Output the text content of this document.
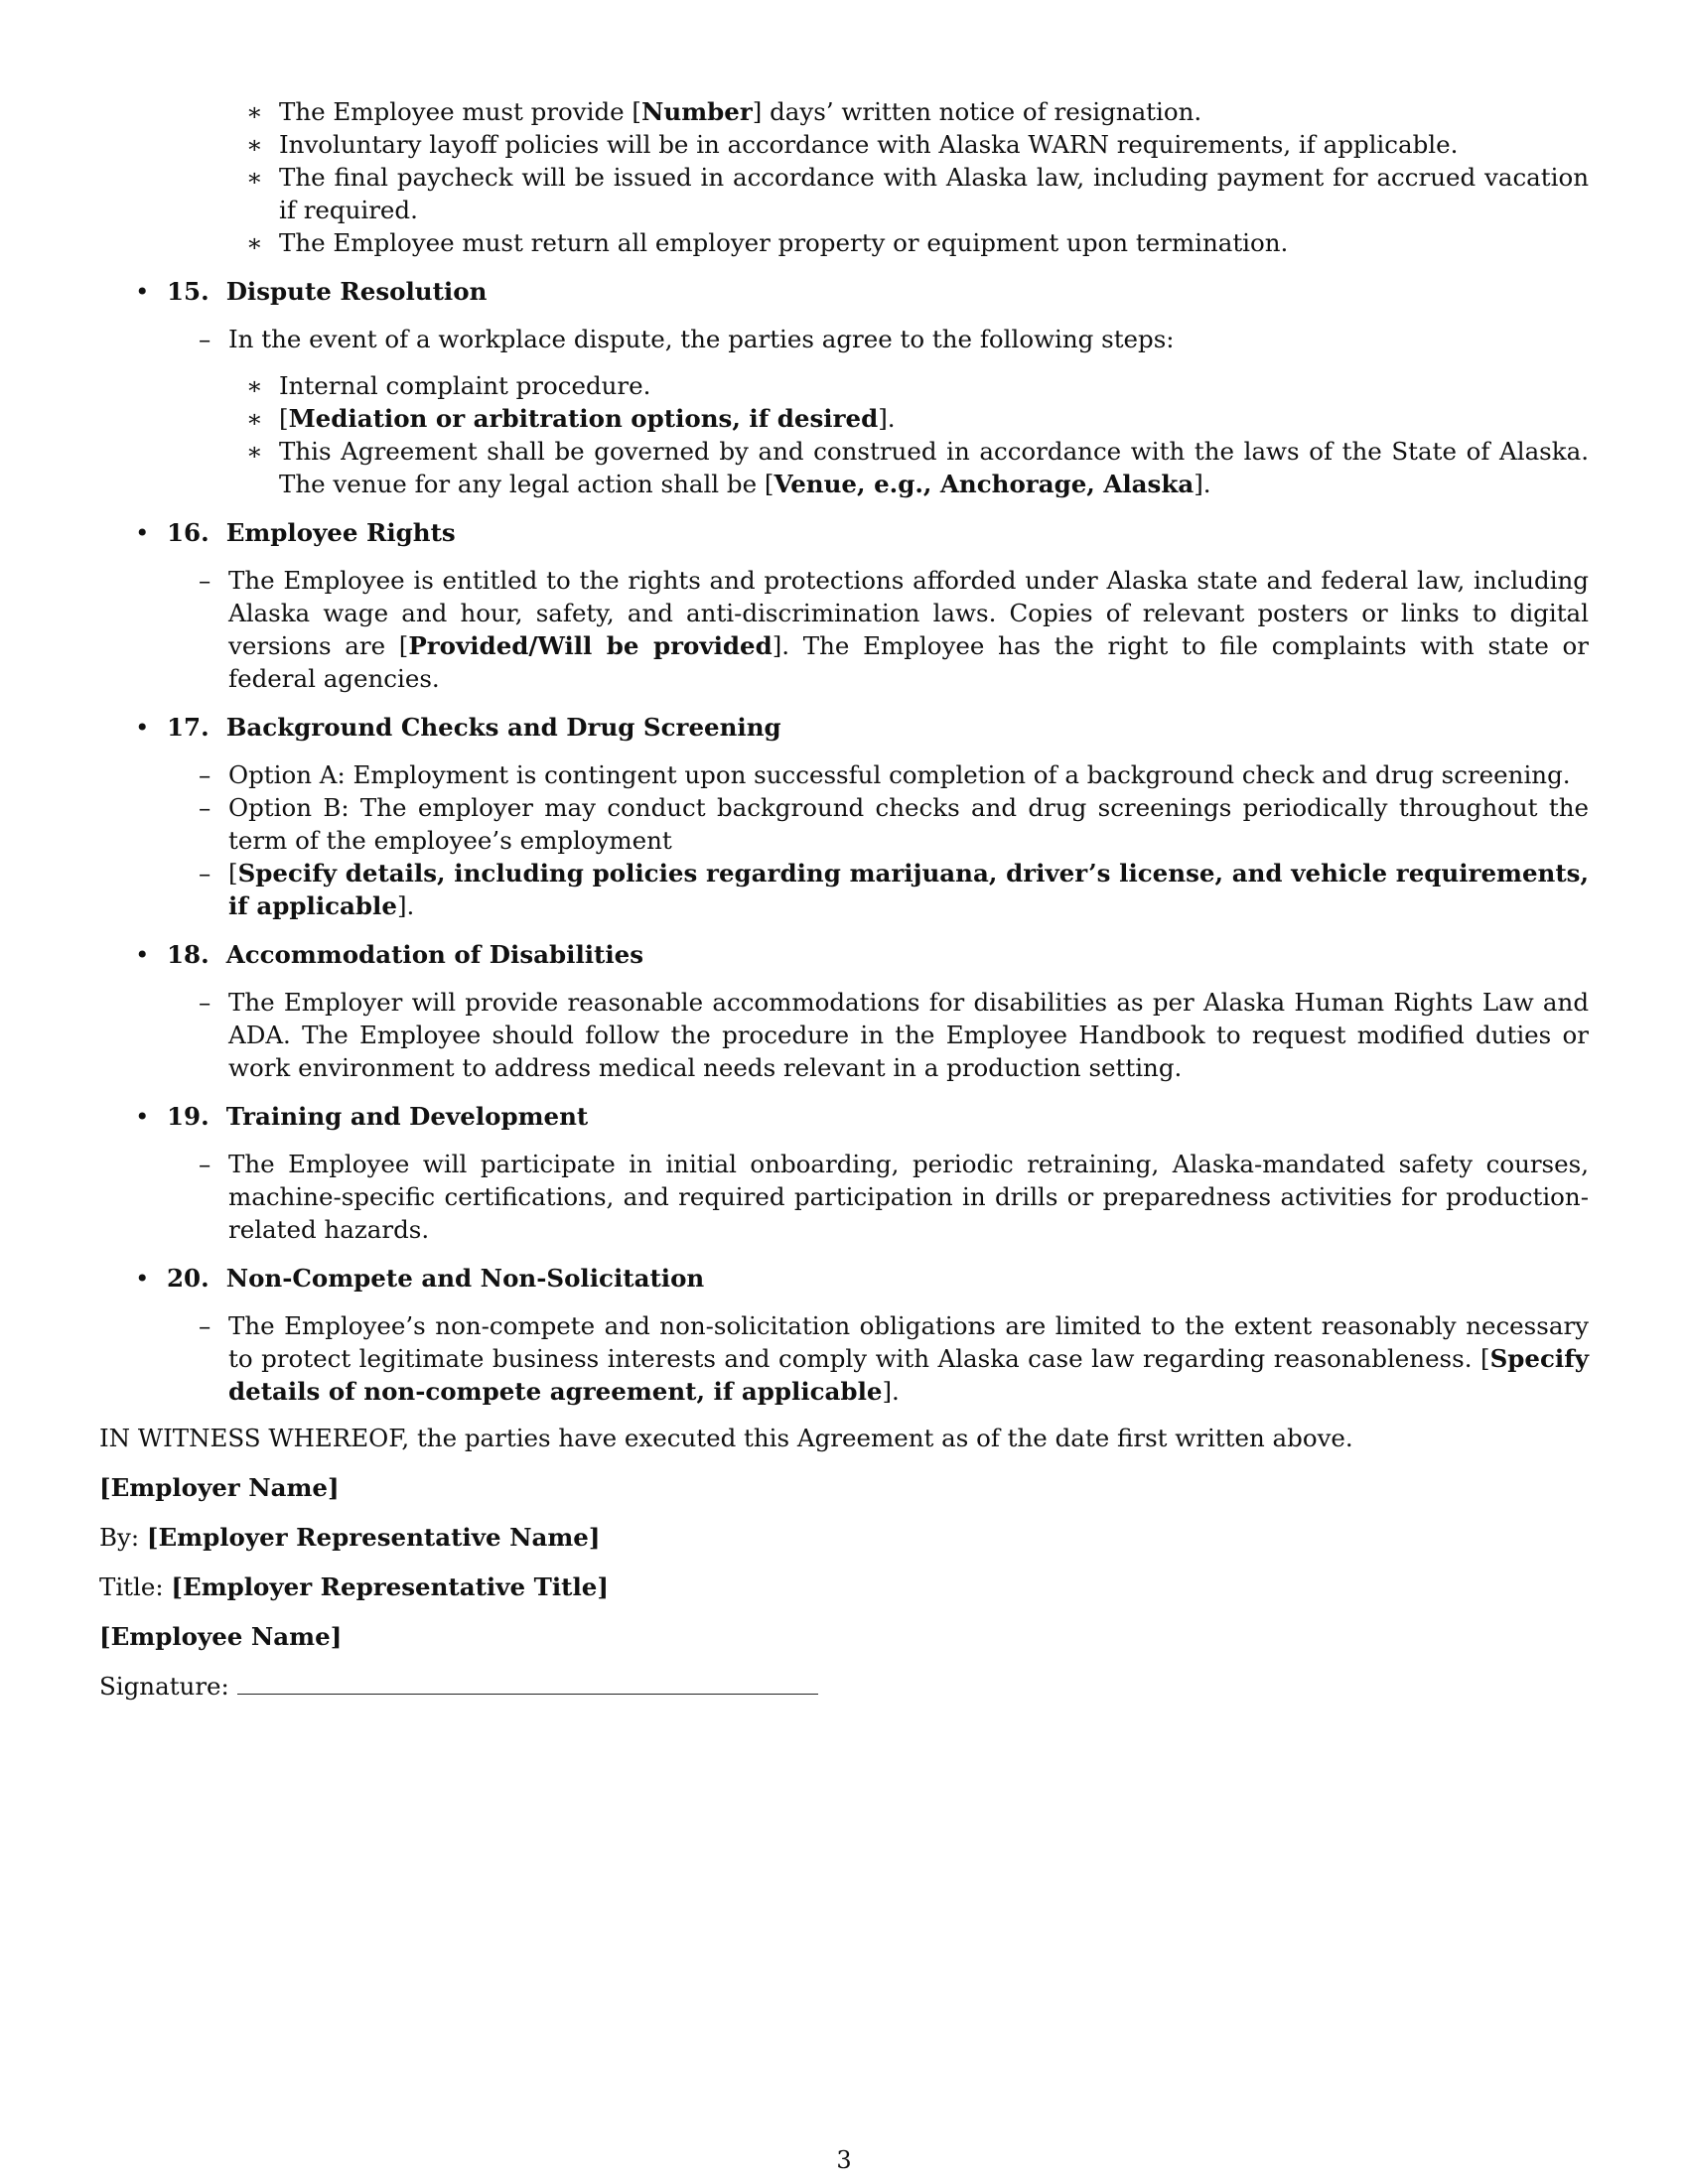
∗ The Employee must provide [Number] days’ written notice of resignation.
∗ Involuntary layoff policies will be in accordance with Alaska WARN requirements, if applicable.
∗ The final paycheck will be issued in accordance with Alaska law, including payment for accrued vacation if required.
∗ The Employee must return all employer property or equipment upon termination.
• 15. Dispute Resolution
– In the event of a workplace dispute, the parties agree to the following steps:
∗ Internal complaint procedure.
∗ [Mediation or arbitration options, if desired].
∗ This Agreement shall be governed by and construed in accordance with the laws of the State of Alaska. The venue for any legal action shall be [Venue, e.g., Anchorage, Alaska].
• 16. Employee Rights
– The Employee is entitled to the rights and protections afforded under Alaska state and federal law, including Alaska wage and hour, safety, and anti-discrimination laws. Copies of relevant posters or links to digital versions are [Provided/Will be provided]. The Employee has the right to file complaints with state or federal agencies.
• 17. Background Checks and Drug Screening
– Option A: Employment is contingent upon successful completion of a background check and drug screening.
– Option B: The employer may conduct background checks and drug screenings periodically throughout the term of the employee’s employment
– [Specify details, including policies regarding marijuana, driver’s license, and vehicle requirements, if applicable].
• 18. Accommodation of Disabilities
– The Employer will provide reasonable accommodations for disabilities as per Alaska Human Rights Law and ADA. The Employee should follow the procedure in the Employee Handbook to request modified duties or work environment to address medical needs relevant in a production setting.
• 19. Training and Development
– The Employee will participate in initial onboarding, periodic retraining, Alaska-mandated safety courses, machine-specific certifications, and required participation in drills or preparedness activities for production-related hazards.
• 20. Non-Compete and Non-Solicitation
– The Employee’s non-compete and non-solicitation obligations are limited to the extent reasonably necessary to protect legitimate business interests and comply with Alaska case law regarding reasonableness. [Specify details of non-compete agreement, if applicable].
IN WITNESS WHEREOF, the parties have executed this Agreement as of the date first written above.
[Employer Name]
By: [Employer Representative Name]
Title: [Employer Representative Title]
[Employee Name]
Signature:
3
